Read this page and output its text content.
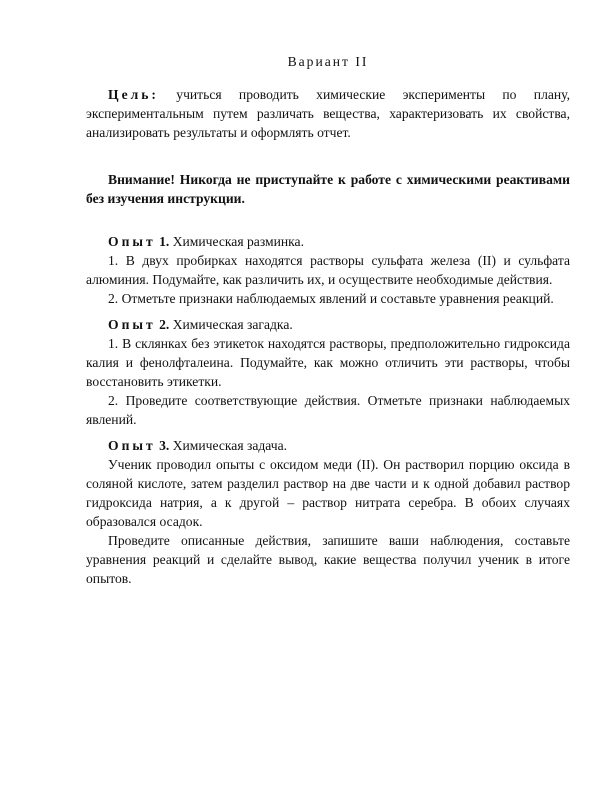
Вариант II

Цель: учиться проводить химические эксперименты по плану, экспериментальным путем различать вещества, характеризовать их свойства, анализировать результаты и оформлять отчет.

Внимание! Никогда не приступайте к работе с химическими реактивами без изучения инструкции.

Опыт 1. Химическая разминка.

1. В двух пробирках находятся растворы сульфата железа (II) и сульфата алюминия. Подумайте, как различить их, и осуществите необходимые действия.

2. Отметьте признаки наблюдаемых явлений и составьте уравнения реакций.

Опыт 2. Химическая загадка.

1. В склянках без этикеток находятся растворы, предположительно гидроксида калия и фенолфталеина. Подумайте, как можно отличить эти растворы, чтобы восстановить этикетки.

2. Проведите соответствующие действия. Отметьте признаки наблюдаемых явлений.

Опыт 3. Химическая задача.

Ученик проводил опыты с оксидом меди (II). Он растворил порцию оксида в соляной кислоте, затем разделил раствор на две части и к одной добавил раствор гидроксида натрия, а к другой – раствор нитрата серебра. В обоих случаях образовался осадок.

Проведите описанные действия, запишите ваши наблюдения, составьте уравнения реакций и сделайте вывод, какие вещества получил ученик в итоге опытов.
